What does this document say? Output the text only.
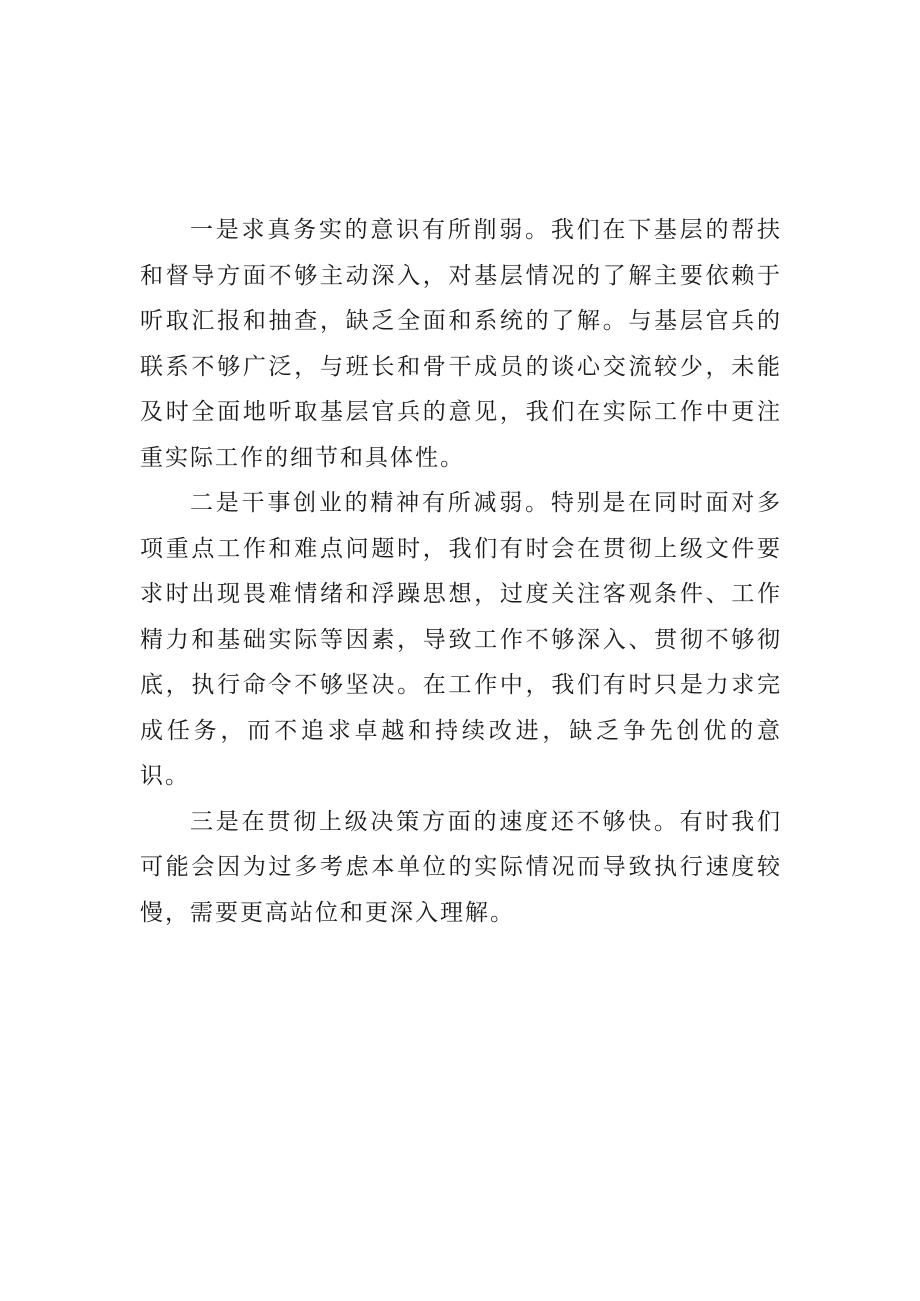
一是求真务实的意识有所削弱。我们在下基层的帮扶和督导方面不够主动深入，对基层情况的了解主要依赖于听取汇报和抽查，缺乏全面和系统的了解。与基层官兵的联系不够广泛，与班长和骨干成员的谈心交流较少，未能及时全面地听取基层官兵的意见，我们在实际工作中更注重实际工作的细节和具体性。

二是干事创业的精神有所减弱。特别是在同时面对多项重点工作和难点问题时，我们有时会在贯彻上级文件要求时出现畏难情绪和浮躁思想，过度关注客观条件、工作精力和基础实际等因素，导致工作不够深入、贯彻不够彻底，执行命令不够坚决。在工作中，我们有时只是力求完成任务，而不追求卓越和持续改进，缺乏争先创优的意识。

三是在贯彻上级决策方面的速度还不够快。有时我们可能会因为过多考虑本单位的实际情况而导致执行速度较慢，需要更高站位和更深入理解。
